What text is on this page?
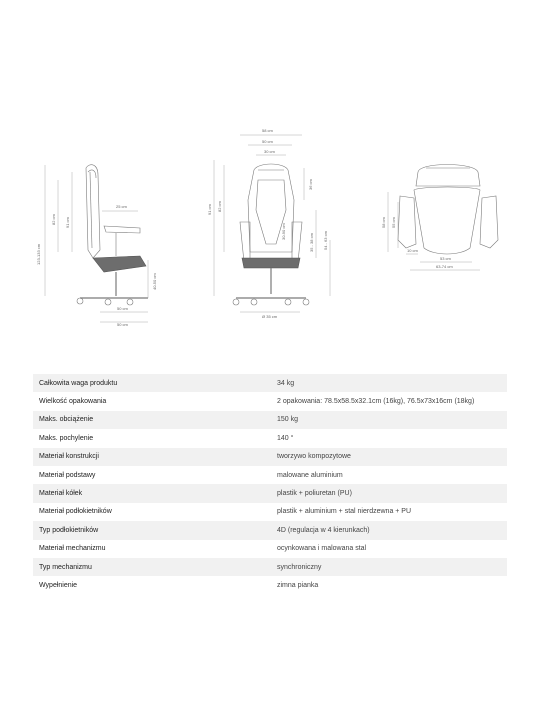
123-133 cm
82 cm 91 cm
40-50 cm
25 cm
50 cm
50 cm
58 cm
50 cm
30 cm
91 cm 82 cm
30-90 cm
36 cm
35 - 38 cm 54 - 63 cm
Ø 35 cm
58 cm 55 cm
10 cm
53 cm
63-74 cm
Całkowita waga produktu	34 kg
Wielkość opakowania	2 opakowania: 78.5x58.5x32.1cm (16kg), 76.5x73x16cm (18kg)
Maks. obciążenie	150 kg
Maks. pochylenie	140 °
Materiał konstrukcji	tworzywo kompozytowe
Materiał podstawy	malowane aluminium
Materiał kółek	plastik + poliuretan (PU)
Materiał podłokietników	plastik + aluminium + stal nierdzewna + PU
Typ podłokietników	4D (regulacja w 4 kierunkach)
Materiał mechanizmu	ocynkowana i malowana stal
Typ mechanizmu	synchroniczny
Wypełnienie	zimna pianka
